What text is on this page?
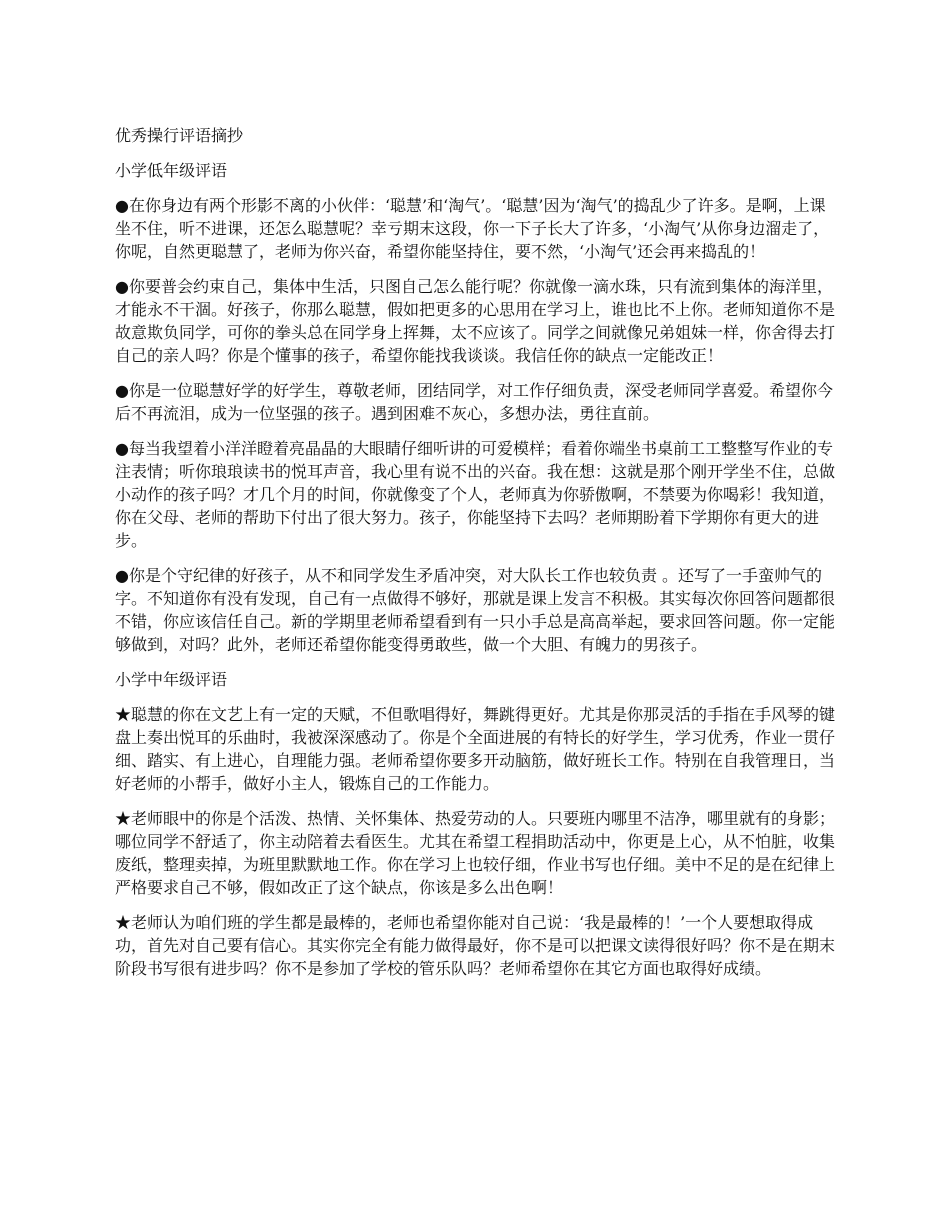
优秀操行评语摘抄

小学低年级评语

●在你身边有两个形影不离的小伙伴：‘聪慧’和‘淘气’。‘聪慧’因为‘淘气’的捣乱少了许多。是啊，上课坐不住，听不进课，还怎么聪慧呢？幸亏期末这段，你一下子长大了许多，‘小淘气’从你身边溜走了，你呢，自然更聪慧了，老师为你兴奋，希望你能坚持住，要不然，‘小淘气’还会再来捣乱的！

●你要普会约束自己，集体中生活，只图自己怎么能行呢？你就像一滴水珠，只有流到集体的海洋里，才能永不干涸。好孩子，你那么聪慧，假如把更多的心思用在学习上，谁也比不上你。老师知道你不是故意欺负同学，可你的拳头总在同学身上挥舞，太不应该了。同学之间就像兄弟姐妹一样，你舍得去打自己的亲人吗？你是个懂事的孩子，希望你能找我谈谈。我信任你的缺点一定能改正！

●你是一位聪慧好学的好学生，尊敬老师，团结同学，对工作仔细负责，深受老师同学喜爱。希望你今后不再流泪，成为一位坚强的孩子。遇到困难不灰心，多想办法，勇往直前。

●每当我望着小洋洋瞪着亮晶晶的大眼睛仔细听讲的可爱模样；看着你端坐书桌前工工整整写作业的专注表情；听你琅琅读书的悦耳声音，我心里有说不出的兴奋。我在想：这就是那个刚开学坐不住，总做小动作的孩子吗？才几个月的时间，你就像变了个人，老师真为你骄傲啊，不禁要为你喝彩！我知道，你在父母、老师的帮助下付出了很大努力。孩子，你能坚持下去吗？老师期盼着下学期你有更大的进步。

●你是个守纪律的好孩子，从不和同学发生矛盾冲突，对大队长工作也较负责 。还写了一手蛮帅气的字。不知道你有没有发现，自己有一点做得不够好，那就是课上发言不积极。其实每次你回答问题都很不错，你应该信任自己。新的学期里老师希望看到有一只小手总是高高举起，要求回答问题。你一定能够做到，对吗？此外，老师还希望你能变得勇敢些，做一个大胆、有魄力的男孩子。

小学中年级评语

★聪慧的你在文艺上有一定的天赋，不但歌唱得好，舞跳得更好。尤其是你那灵活的手指在手风琴的键盘上奏出悦耳的乐曲时，我被深深感动了。你是个全面进展的有特长的好学生，学习优秀，作业一贯仔细、踏实、有上进心，自理能力强。老师希望你要多开动脑筋，做好班长工作。特别在自我管理日，当好老师的小帮手，做好小主人，锻炼自己的工作能力。

★老师眼中的你是个活泼、热情、关怀集体、热爱劳动的人。只要班内哪里不洁净，哪里就有的身影；哪位同学不舒适了，你主动陪着去看医生。尤其在希望工程捐助活动中，你更是上心，从不怕脏，收集废纸，整理卖掉，为班里默默地工作。你在学习上也较仔细，作业书写也仔细。美中不足的是在纪律上严格要求自己不够，假如改正了这个缺点，你该是多么出色啊！

★老师认为咱们班的学生都是最棒的，老师也希望你能对自己说：‘我是最棒的！’一个人要想取得成功，首先对自己要有信心。其实你完全有能力做得最好，你不是可以把课文读得很好吗？你不是在期末阶段书写很有进步吗？你不是参加了学校的管乐队吗？老师希望你在其它方面也取得好成绩。
